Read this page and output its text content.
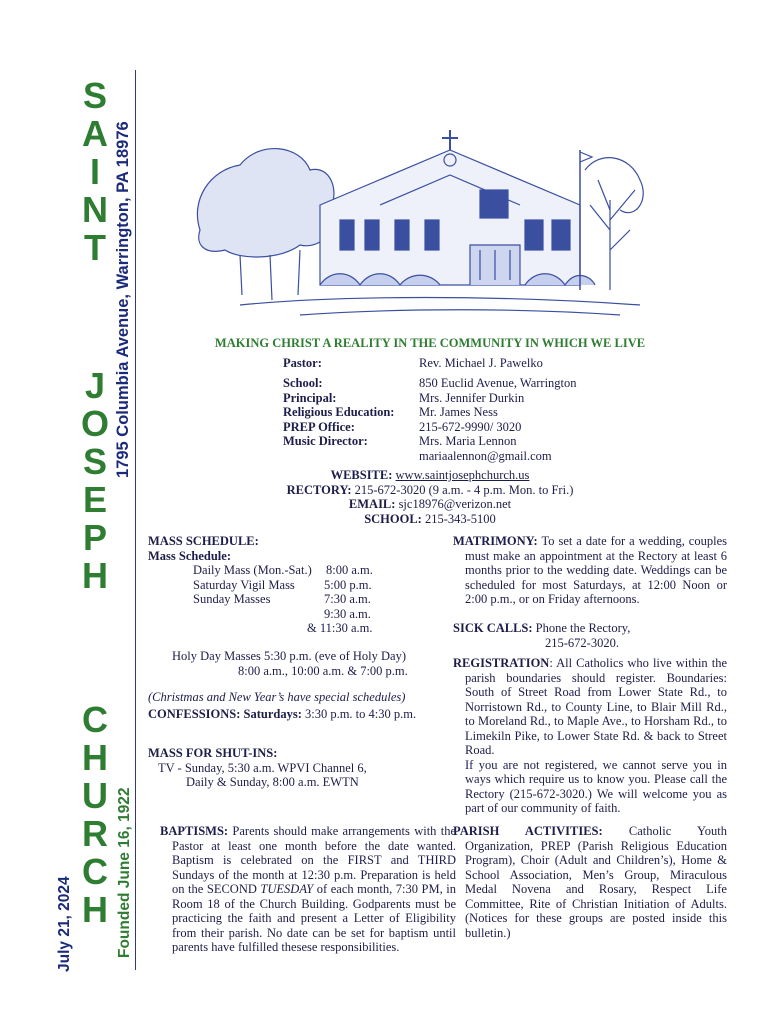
S
A
I
N
T
J
O
S
E
P
H
C
H
U
R
C
H
1795 Columbia Avenue, Warrington, PA 18976
Founded June 16, 1922
July 21, 2024
MAKING CHRIST A REALITY IN THE COMMUNITY IN WHICH WE LIVE
Pastor:	Rev. Michael J. Pawelko
School:	850 Euclid Avenue, Warrington
Principal:	Mrs. Jennifer Durkin
Religious Education: Mr. James Ness
PREP Office:	215-672-9990/ 3020
Music Director:	Mrs. Maria Lennon
mariaalennon@gmail.com
WEBSITE: www.saintjosephchurch.us
RECTORY: 215-672-3020 (9 a.m. - 4 p.m. Mon. to Fri.)
EMAIL: sjc18976@verizon.net
SCHOOL: 215-343-5100
MASS SCHEDULE:
Mass Schedule:
Daily Mass (Mon.-Sat.) 8:00 a.m.
Saturday Vigil Mass 5:00 p.m.
Sunday Masses	7:30 a.m.
9:30 a.m.
& 11:30 a.m.
Holy Day Masses 5:30 p.m. (eve of Holy Day)
8:00 a.m., 10:00 a.m. & 7:00 p.m.
(Christmas and New Year’s have special schedules)
CONFESSIONS: Saturdays: 3:30 p.m. to 4:30 p.m.
MASS FOR SHUT-INS:
TV - Sunday, 5:30 a.m. WPVI Channel 6,
Daily & Sunday, 8:00 a.m. EWTN
BAPTISMS: Parents should make arrangements with the Pastor at least one month before the date wanted. Baptism is celebrated on the FIRST and THIRD Sundays of the month at 12:30 p.m. Preparation is held on the SECOND TUESDAY of each month, 7:30 PM, in Room 18 of the Church Building. Godparents must be practicing the faith and present a Letter of Eligibility from their parish. No date can be set for baptism until parents have fulfilled thesese responsibilities.
MATRIMONY: To set a date for a wedding, couples must make an appointment at the Rectory at least 6 months prior to the wedding date. Weddings can be scheduled for most Saturdays, at 12:00 Noon or 2:00 p.m., or on Friday afternoons.
SICK CALLS: Phone the Rectory,
215-672-3020.
REGISTRATION: All Catholics who live within the parish boundaries should register. Boundaries: South of Street Road from Lower State Rd., to Norristown Rd., to County Line, to Blair Mill Rd., to Moreland Rd., to Maple Ave., to Horsham Rd., to Limekiln Pike, to Lower State Rd. & back to Street Road.
If you are not registered, we cannot serve you in ways which require us to know you. Please call the Rectory (215-672-3020.) We will welcome you as part of our community of faith.
PARISH ACTIVITIES: Catholic Youth Organization, PREP (Parish Religious Education Program), Choir (Adult and Children’s), Home & School Association, Men’s Group, Miraculous Medal Novena and Rosary, Respect Life Committee, Rite of Christian Initiation of Adults. (Notices for these groups are posted inside this bulletin.)
